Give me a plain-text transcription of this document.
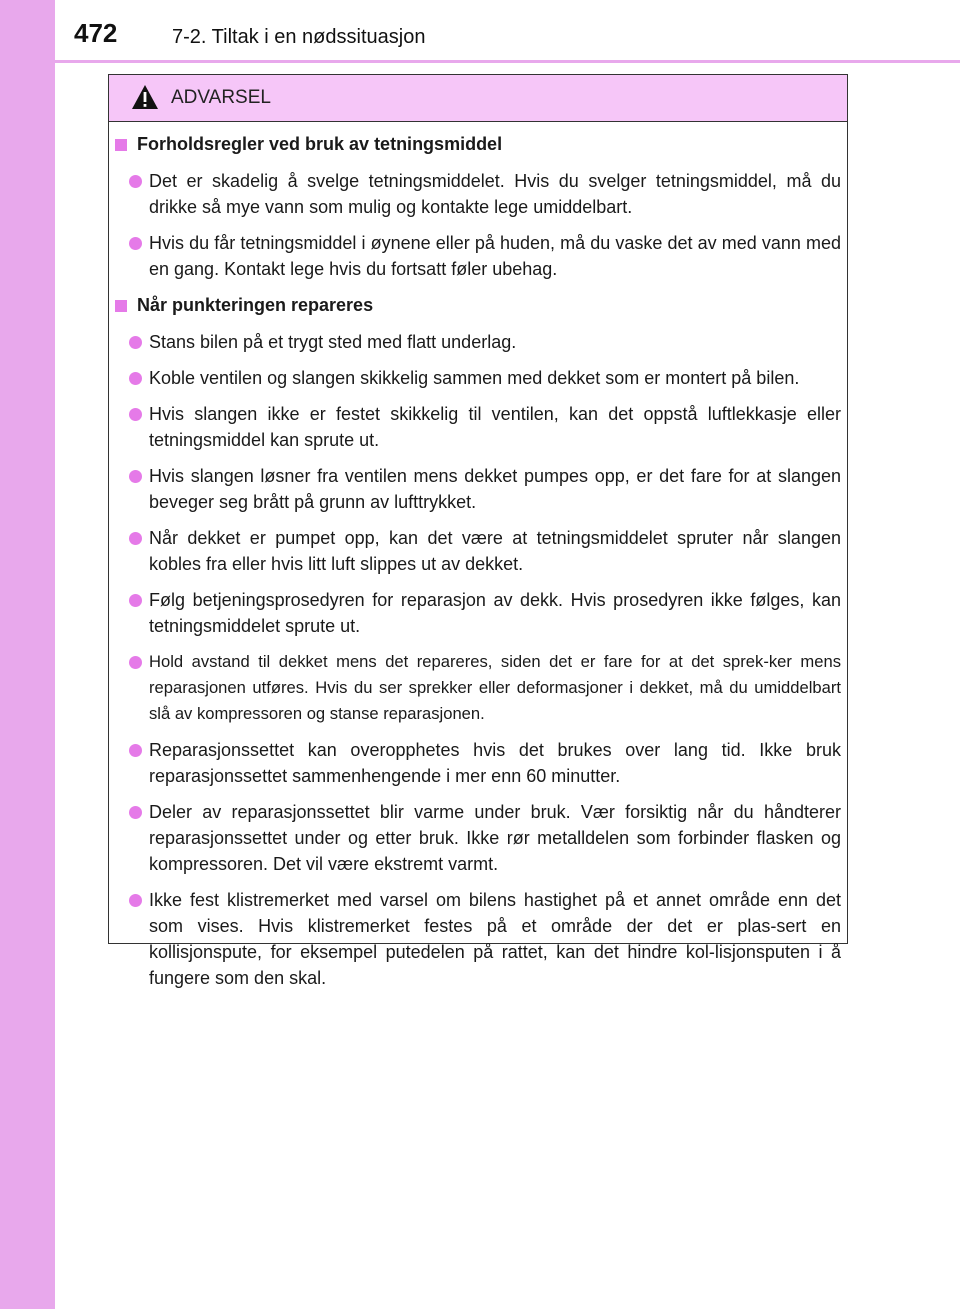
472	7-2. Tiltak i en nødssituasjon
ADVARSEL
Forholdsregler ved bruk av tetningsmiddel
Det er skadelig å svelge tetningsmiddelet. Hvis du svelger tetningsmiddel, må du drikke så mye vann som mulig og kontakte lege umiddelbart.
Hvis du får tetningsmiddel i øynene eller på huden, må du vaske det av med vann med en gang. Kontakt lege hvis du fortsatt føler ubehag.
Når punkteringen repareres
Stans bilen på et trygt sted med flatt underlag.
Koble ventilen og slangen skikkelig sammen med dekket som er montert på bilen.
Hvis slangen ikke er festet skikkelig til ventilen, kan det oppstå luftlekkasje eller tetningsmiddel kan sprute ut.
Hvis slangen løsner fra ventilen mens dekket pumpes opp, er det fare for at slangen beveger seg brått på grunn av lufttrykket.
Når dekket er pumpet opp, kan det være at tetningsmiddelet spruter når slangen kobles fra eller hvis litt luft slippes ut av dekket.
Følg betjeningsprosedyren for reparasjon av dekk. Hvis prosedyren ikke følges, kan tetningsmiddelet sprute ut.
Hold avstand til dekket mens det repareres, siden det er fare for at det sprek-ker mens reparasjonen utføres. Hvis du ser sprekker eller deformasjoner i dekket, må du umiddelbart slå av kompressoren og stanse reparasjonen.
Reparasjonssettet kan overopphetes hvis det brukes over lang tid. Ikke bruk reparasjonssettet sammenhengende i mer enn 60 minutter.
Deler av reparasjonssettet blir varme under bruk. Vær forsiktig når du håndterer reparasjonssettet under og etter bruk. Ikke rør metalldelen som forbinder flasken og kompressoren. Det vil være ekstremt varmt.
Ikke fest klistremerket med varsel om bilens hastighet på et annet område enn det som vises. Hvis klistremerket festes på et område der det er plas-sert en kollisjonspute, for eksempel putedelen på rattet, kan det hindre kol-lisjonsputen i å fungere som den skal.
